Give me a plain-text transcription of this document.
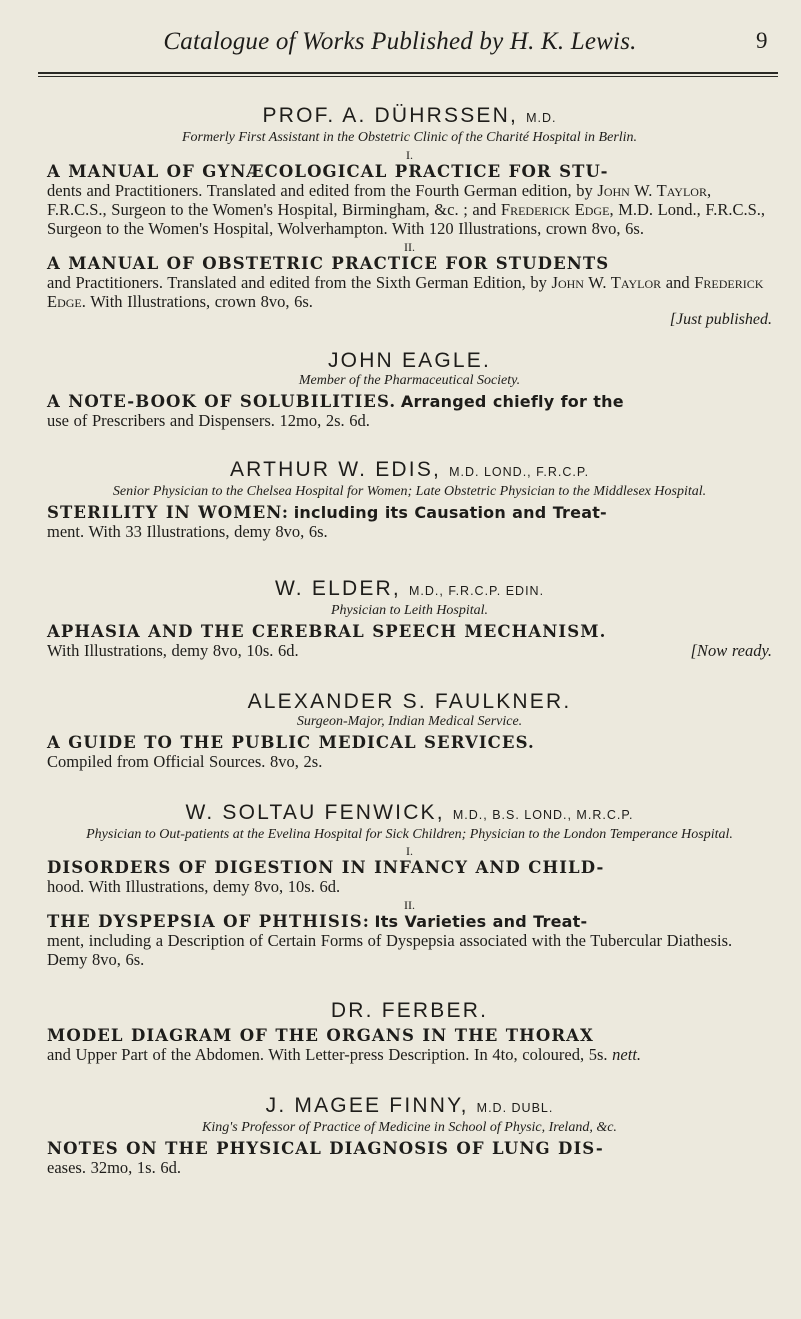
Catalogue of Works Published by H. K. Lewis.	9

PROF. A. DÜHRSSEN, M.D.

Formerly First Assistant in the Obstetric Clinic of the Charité Hospital in Berlin.

I.

A MANUAL OF GYNÆCOLOGICAL PRACTICE FOR STU-
dents and Practitioners. Translated and edited from the Fourth German edition, by John W. Taylor, F.R.C.S., Surgeon to the Women's Hospital, Birmingham, &c. ; and Frederick Edge, M.D. Lond., F.R.C.S., Surgeon to the Women's Hospital, Wolverhampton. With 120 Illustrations, crown 8vo, 6s.

II.

A MANUAL OF OBSTETRIC PRACTICE FOR STUDENTS
and Practitioners. Translated and edited from the Sixth German Edition, by John W. Taylor and Frederick Edge. With Illustrations, crown 8vo, 6s.

[Just published.

JOHN EAGLE.

Member of the Pharmaceutical Society.

A NOTE-BOOK OF SOLUBILITIES. Arranged chiefly for the
use of Prescribers and Dispensers. 12mo, 2s. 6d.

ARTHUR W. EDIS, M.D. LOND., F.R.C.P.

Senior Physician to the Chelsea Hospital for Women; Late Obstetric Physician to the Middlesex Hospital.

STERILITY IN WOMEN: including its Causation and Treat-
ment. With 33 Illustrations, demy 8vo, 6s.

W. ELDER, M.D., F.R.C.P. EDIN.

Physician to Leith Hospital.

APHASIA AND THE CEREBRAL SPEECH MECHANISM.
With Illustrations, demy 8vo, 10s. 6d.	[Now ready.

ALEXANDER S. FAULKNER.

Surgeon-Major, Indian Medical Service.

A GUIDE TO THE PUBLIC MEDICAL SERVICES.
Compiled from Official Sources. 8vo, 2s.

W. SOLTAU FENWICK, M.D., B.S. LOND., M.R.C.P.

Physician to Out-patients at the Evelina Hospital for Sick Children; Physician to the London Temperance Hospital.

I.

DISORDERS OF DIGESTION IN INFANCY AND CHILD-
hood. With Illustrations, demy 8vo, 10s. 6d.

II.

THE DYSPEPSIA OF PHTHISIS: Its Varieties and Treat-
ment, including a Description of Certain Forms of Dyspepsia associated with the Tubercular Diathesis. Demy 8vo, 6s.

DR. FERBER.

MODEL DIAGRAM OF THE ORGANS IN THE THORAX
and Upper Part of the Abdomen. With Letter-press Description. In 4to, coloured, 5s. nett.

J. MAGEE FINNY, M.D. DUBL.

King's Professor of Practice of Medicine in School of Physic, Ireland, &c.

NOTES ON THE PHYSICAL DIAGNOSIS OF LUNG DIS-
eases. 32mo, 1s. 6d.
